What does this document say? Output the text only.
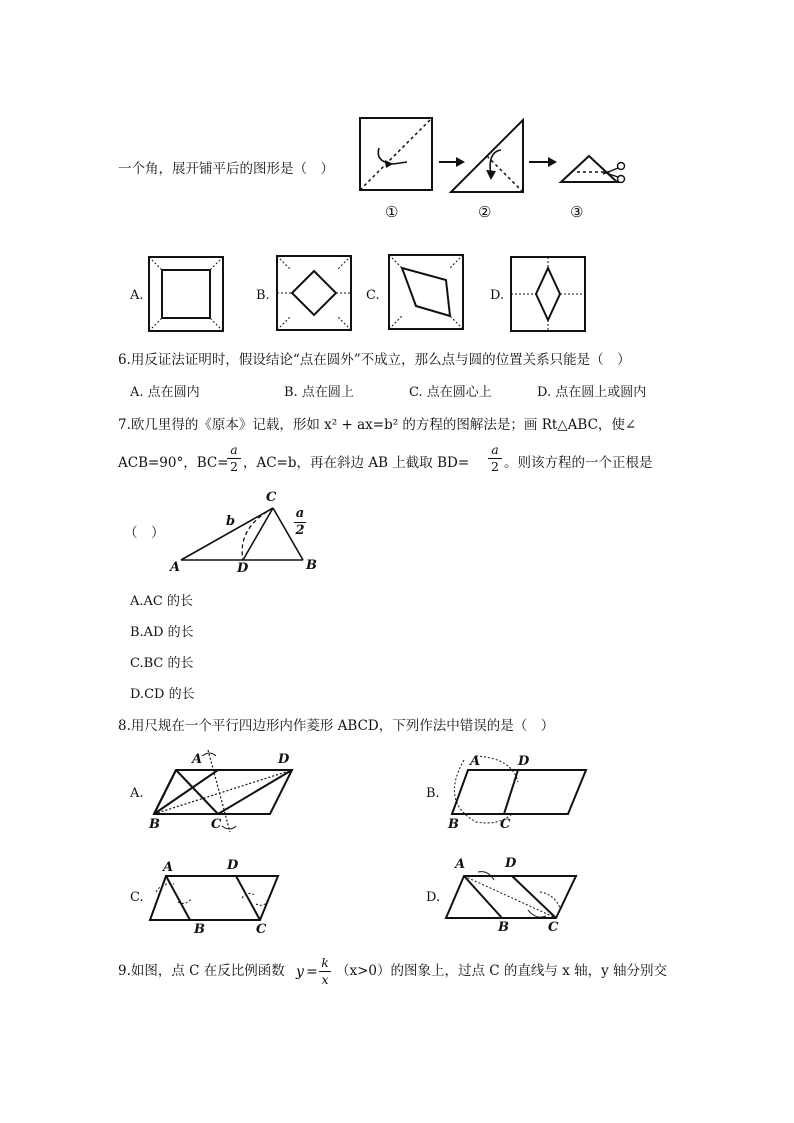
一个角，展开铺平后的图形是（　）
①	②	③
A.	B.	C.	D.
6.用反证法证明时，假设结论“点在圆外”不成立，那么点与圆的位置关系只能是（　）
A. 点在圆内	B. 点在圆上	C. 点在圆心上	D. 点在圆上或圆内
7.欧几里得的《原本》记载，形如 x² + ax=b² 的方程的图解法是；画 Rt△ABC，使∠
ACB=90°，BC=
a
2 ，AC=b，再在斜边 AB 上截取 BD=
a
2 。则该方程的一个正根是
（　）
C
b
a
2
A	D	B
A.AC 的长
B.AD 的长
C.BC 的长
D.CD 的长
8.用尺规在一个平行四边形内作菱形 ABCD，下列作法中错误的是（　）
A.
A	D
B	C
B.
A	D
B	C
C.
A	D
B	C
D.
A	D
B	C
9.如图，点 C 在反比例函数 y =
k
x
（x>0）的图象上，过点 C 的直线与 x 轴，y 轴分别交
